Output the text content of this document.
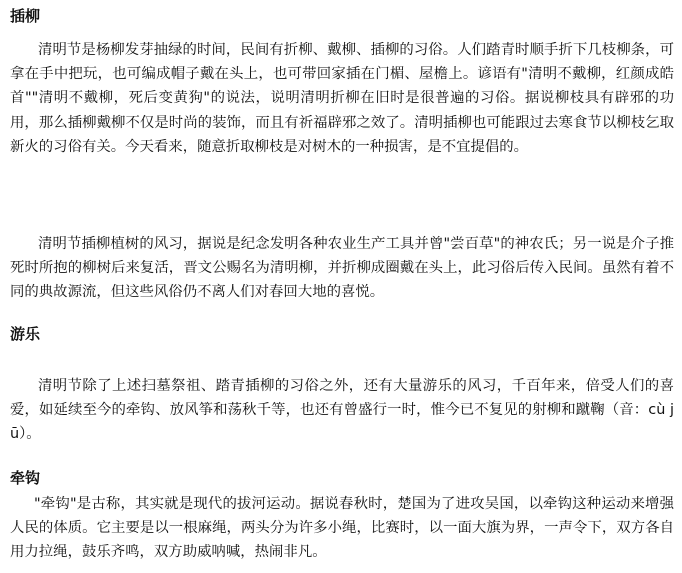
插柳

清明节是杨柳发芽抽绿的时间，民间有折柳、戴柳、插柳的习俗。人们踏青时顺手折下几枝柳条，可拿在手中把玩，也可编成帽子戴在头上，也可带回家插在门楣、屋檐上。谚语有"清明不戴柳，红颜成皓首""清明不戴柳，死后变黄狗"的说法，说明清明折柳在旧时是很普遍的习俗。据说柳枝具有辟邪的功用，那么插柳戴柳不仅是时尚的装饰，而且有祈福辟邪之效了。清明插柳也可能跟过去寒食节以柳枝乞取新火的习俗有关。今天看来，随意折取柳枝是对树木的一种损害，是不宜提倡的。

清明节插柳植树的风习，据说是纪念发明各种农业生产工具并曾"尝百草"的神农氏；另一说是介子推死时所抱的柳树后来复活，晋文公赐名为清明柳，并折柳成圈戴在头上，此习俗后传入民间。虽然有着不同的典故源流，但这些风俗仍不离人们对春回大地的喜悦。

游乐

清明节除了上述扫墓祭祖、踏青插柳的习俗之外，还有大量游乐的风习，千百年来，倍受人们的喜爱，如延续至今的牵钩、放风筝和荡秋千等，也还有曾盛行一时，惟今已不复见的射柳和蹴鞠（音：cù jū）。

牵钩

"牵钩"是古称，其实就是现代的拔河运动。据说春秋时，楚国为了进攻吴国，以牵钩这种运动来增强人民的体质。它主要是以一根麻绳，两头分为许多小绳，比赛时，以一面大旗为界，一声令下，双方各自用力拉绳，鼓乐齐鸣，双方助威呐喊，热闹非凡。
